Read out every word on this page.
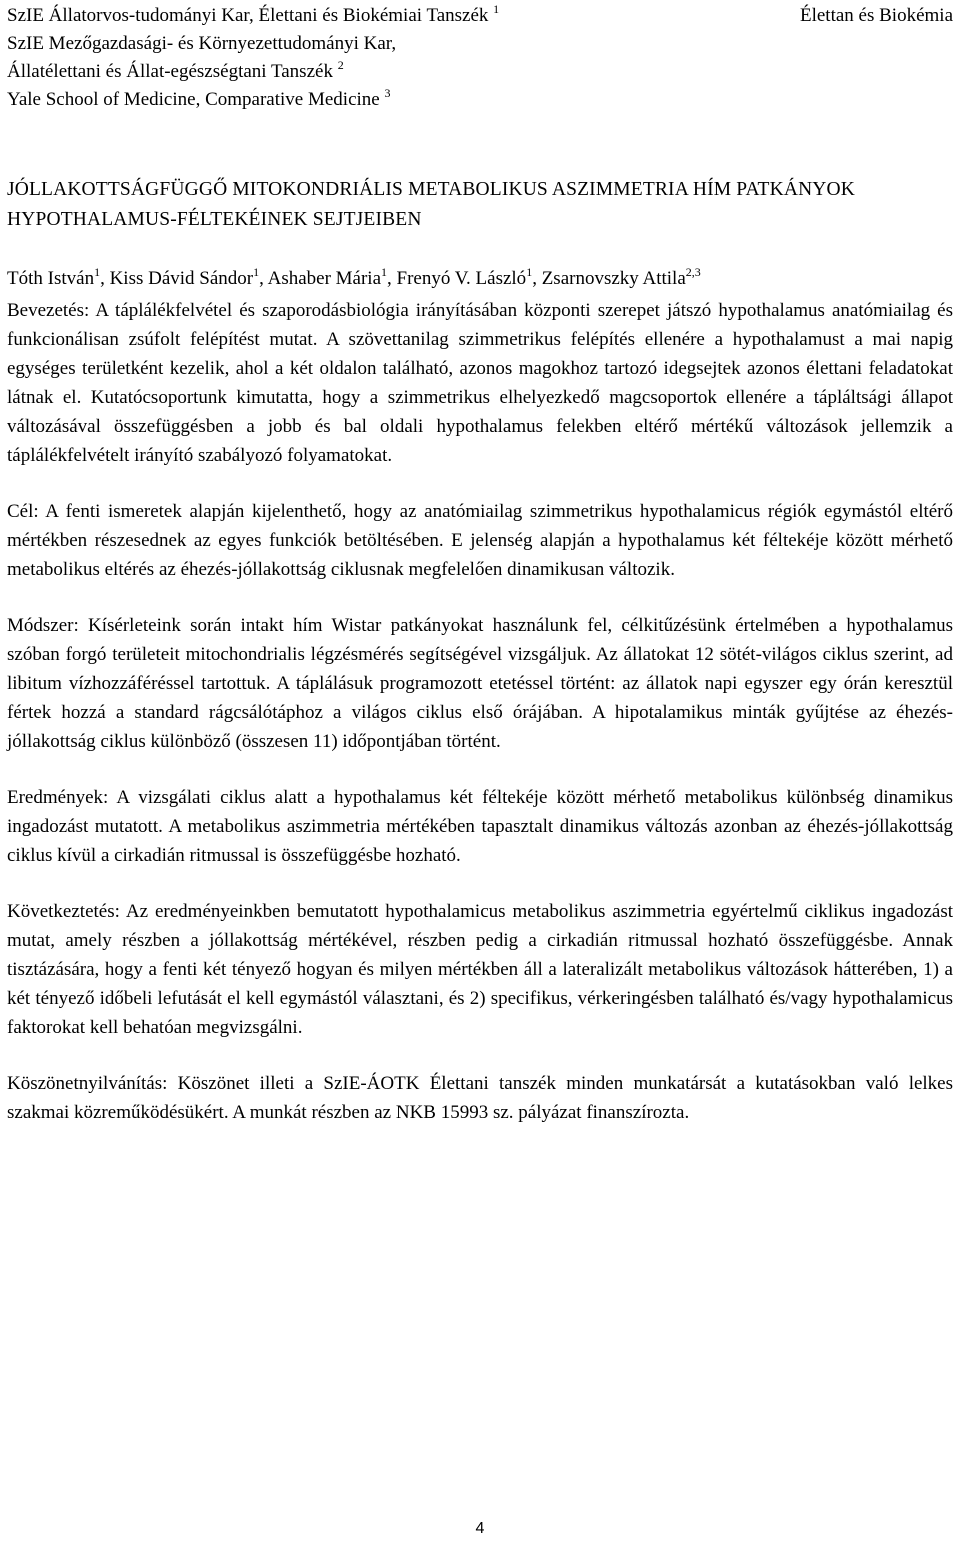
SzIE Állatorvos-tudományi Kar, Élettani és Biokémiai Tanszék $^1$
SzIE Mezőgazdasági- és Környezettudományi Kar,
Állatélettani és Állat-egészségtani Tanszék $^2$
Yale School of Medicine, Comparative Medicine $^3$
Élettan és Biokémia
JÓLLAKOTTSÁGFÜGGŐ MITOKONDRIÁLIS METABOLIKUS ASZIMMETRIA HÍM PATKÁNYOK HYPOTHALAMUS-FÉLTEKÉINEK SEJTJEIBEN
Tóth István$^1$, Kiss Dávid Sándor$^1$, Ashaber Mária$^1$, Frenyó V. László$^1$, Zsarnovszky Attila$^{2,3}$

Bevezetés: A táplálékfelvétel és szaporodásbiológia irányításában központi szerepet játszó hypothalamus anatómiailag és funkcionálisan zsúfolt felépítést mutat. A szövettanilag szimmetrikus felépítés ellenére a hypothalamust a mai napig egységes területként kezelik, ahol a két oldalon található, azonos magokhoz tartozó idegsejtek azonos élettani feladatokat látnak el. Kutatócsoportunk kimutatta, hogy a szimmetrikus elhelyezkedő magcsoportok ellenére a tápláltsági állapot változásával összefüggésben a jobb és bal oldali hypothalamus felekben eltérő mértékű változások jellemzik a táplálékfelvételt irányító szabályozó folyamatokat.

Cél: A fenti ismeretek alapján kijelenthető, hogy az anatómiailag szimmetrikus hypothalamicus régiók egymástól eltérő mértékben részesednek az egyes funkciók betöltésében. E jelenség alapján a hypothalamus két féltekéje között mérhető metabolikus eltérés az éhezés-jóllakottság ciklusnak megfelelően dinamikusan változik.

Módszer: Kísérleteink során intakt hím Wistar patkányokat használunk fel, célkitűzésünk értelmében a hypothalamus szóban forgó területeit mitochondrialis légzésmérés segítségével vizsgáljuk. Az állatokat 12 sötét-világos ciklus szerint, ad libitum vízhozzáféréssel tartottuk. A táplálásuk programozott etetéssel történt: az állatok napi egyszer egy órán keresztül fértek hozzá a standard rágcsálótáphoz a világos ciklus első órájában. A hipotalamikus minták gyűjtése az éhezés-jóllakottság ciklus különböző (összesen 11) időpontjában történt.

Eredmények: A vizsgálati ciklus alatt a hypothalamus két féltekéje között mérhető metabolikus különbség dinamikus ingadozást mutatott. A metabolikus aszimmetria mértékében tapasztalt dinamikus változás azonban az éhezés-jóllakottság ciklus kívül a cirkadián ritmussal is összefüggésbe hozható.

Következtetés: Az eredményeinkben bemutatott hypothalamicus metabolikus aszimmetria egyértelmű ciklikus ingadozást mutat, amely részben a jóllakottság mértékével, részben pedig a cirkadián ritmussal hozható összefüggésbe. Annak tisztázására, hogy a fenti két tényező hogyan és milyen mértékben áll a lateralizált metabolikus változások hátterében, 1) a két tényező időbeli lefutását el kell egymástól választani, és 2) specifikus, vérkeringésben található és/vagy hypothalamicus faktorokat kell behatóan megvizsgálni.

Köszönetnyilvánítás: Köszönet illeti a SzIE-ÁOTK Élettani tanszék minden munkatársát a kutatásokban való lelkes szakmai közreműködésükért. A munkát részben az NKB 15993 sz. pályázat finanszírozta.

4
